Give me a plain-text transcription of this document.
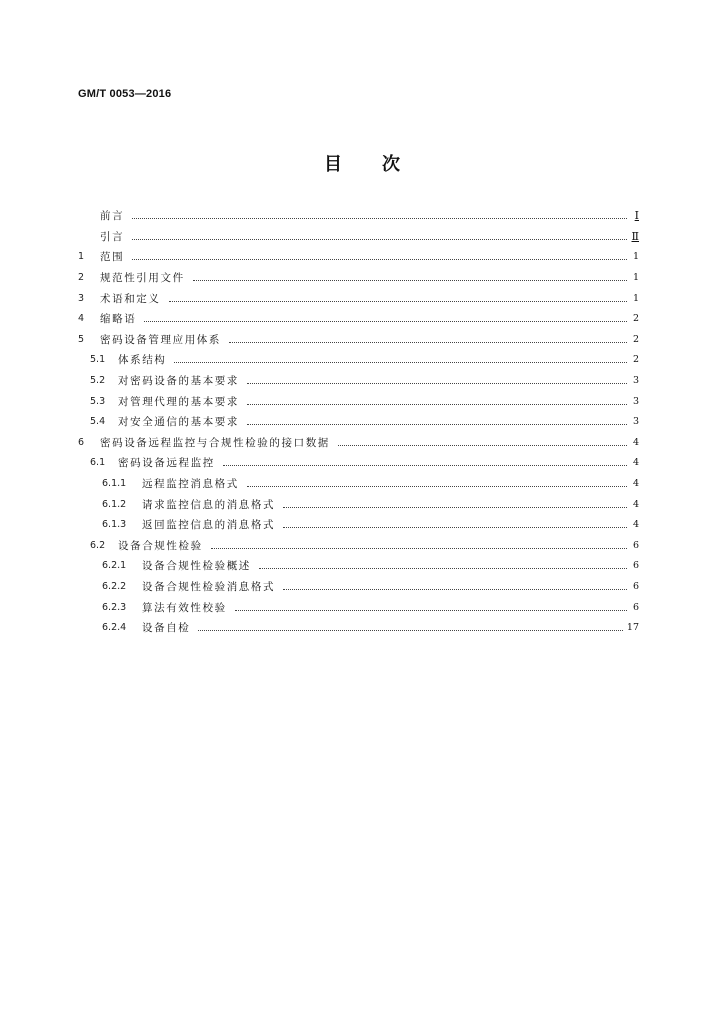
GM/T 0053—2016
目次
前言	Ⅰ
引言	Ⅱ
1	范围	1
2	规范性引用文件	1
3	术语和定义	1
4	缩略语	2
5	密码设备管理应用体系	2
5.1	体系结构	2
5.2	对密码设备的基本要求	3
5.3	对管理代理的基本要求	3
5.4	对安全通信的基本要求	3
6	密码设备远程监控与合规性检验的接口数据	4
6.1	密码设备远程监控	4
6.1.1	远程监控消息格式	4
6.1.2	请求监控信息的消息格式	4
6.1.3	返回监控信息的消息格式	4
6.2	设备合规性检验	6
6.2.1	设备合规性检验概述	6
6.2.2	设备合规性检验消息格式	6
6.2.3	算法有效性校验	6
6.2.4	设备自检	17
